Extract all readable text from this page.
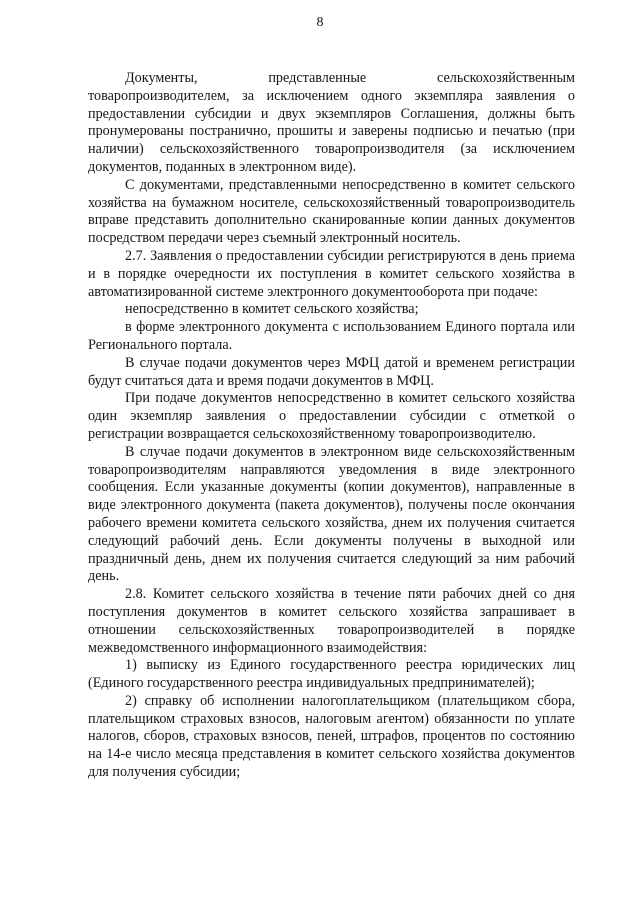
8

Документы, представленные сельскохозяйственным товаропроизводителем, за исключением одного экземпляра заявления о предоставлении субсидии и двух экземпляров Соглашения, должны быть пронумерованы постранично, прошиты и заверены подписью и печатью (при наличии) сельскохозяйственного товаропроизводителя (за исключением документов, поданных в электронном виде).

С документами, представленными непосредственно в комитет сельского хозяйства на бумажном носителе, сельскохозяйственный товаропроизводитель вправе представить дополнительно сканированные копии данных документов посредством передачи через съемный электронный носитель.

2.7. Заявления о предоставлении субсидии регистрируются в день приема и в порядке очередности их поступления в комитет сельского хозяйства в автоматизированной системе электронного документооборота при подаче:

непосредственно в комитет сельского хозяйства;

в форме электронного документа с использованием Единого портала или Регионального портала.

В случае подачи документов через МФЦ датой и временем регистрации будут считаться дата и время подачи документов в МФЦ.

При подаче документов непосредственно в комитет сельского хозяйства один экземпляр заявления о предоставлении субсидии с отметкой о регистрации возвращается сельскохозяйственному товаропроизводителю.

В случае подачи документов в электронном виде сельскохозяйственным товаропроизводителям направляются уведомления в виде электронного сообщения. Если указанные документы (копии документов), направленные в виде электронного документа (пакета документов), получены после окончания рабочего времени комитета сельского хозяйства, днем их получения считается следующий рабочий день. Если документы получены в выходной или праздничный день, днем их получения считается следующий за ним рабочий день.

2.8. Комитет сельского хозяйства в течение пяти рабочих дней со дня поступления документов в комитет сельского хозяйства запрашивает в отношении сельскохозяйственных товаропроизводителей в порядке межведомственного информационного взаимодействия:

1) выписку из Единого государственного реестра юридических лиц (Единого государственного реестра индивидуальных предпринимателей);

2) справку об исполнении налогоплательщиком (плательщиком сбора, плательщиком страховых взносов, налоговым агентом) обязанности по уплате налогов, сборов, страховых взносов, пеней, штрафов, процентов по состоянию на 14-е число месяца представления в комитет сельского хозяйства документов для получения субсидии;
